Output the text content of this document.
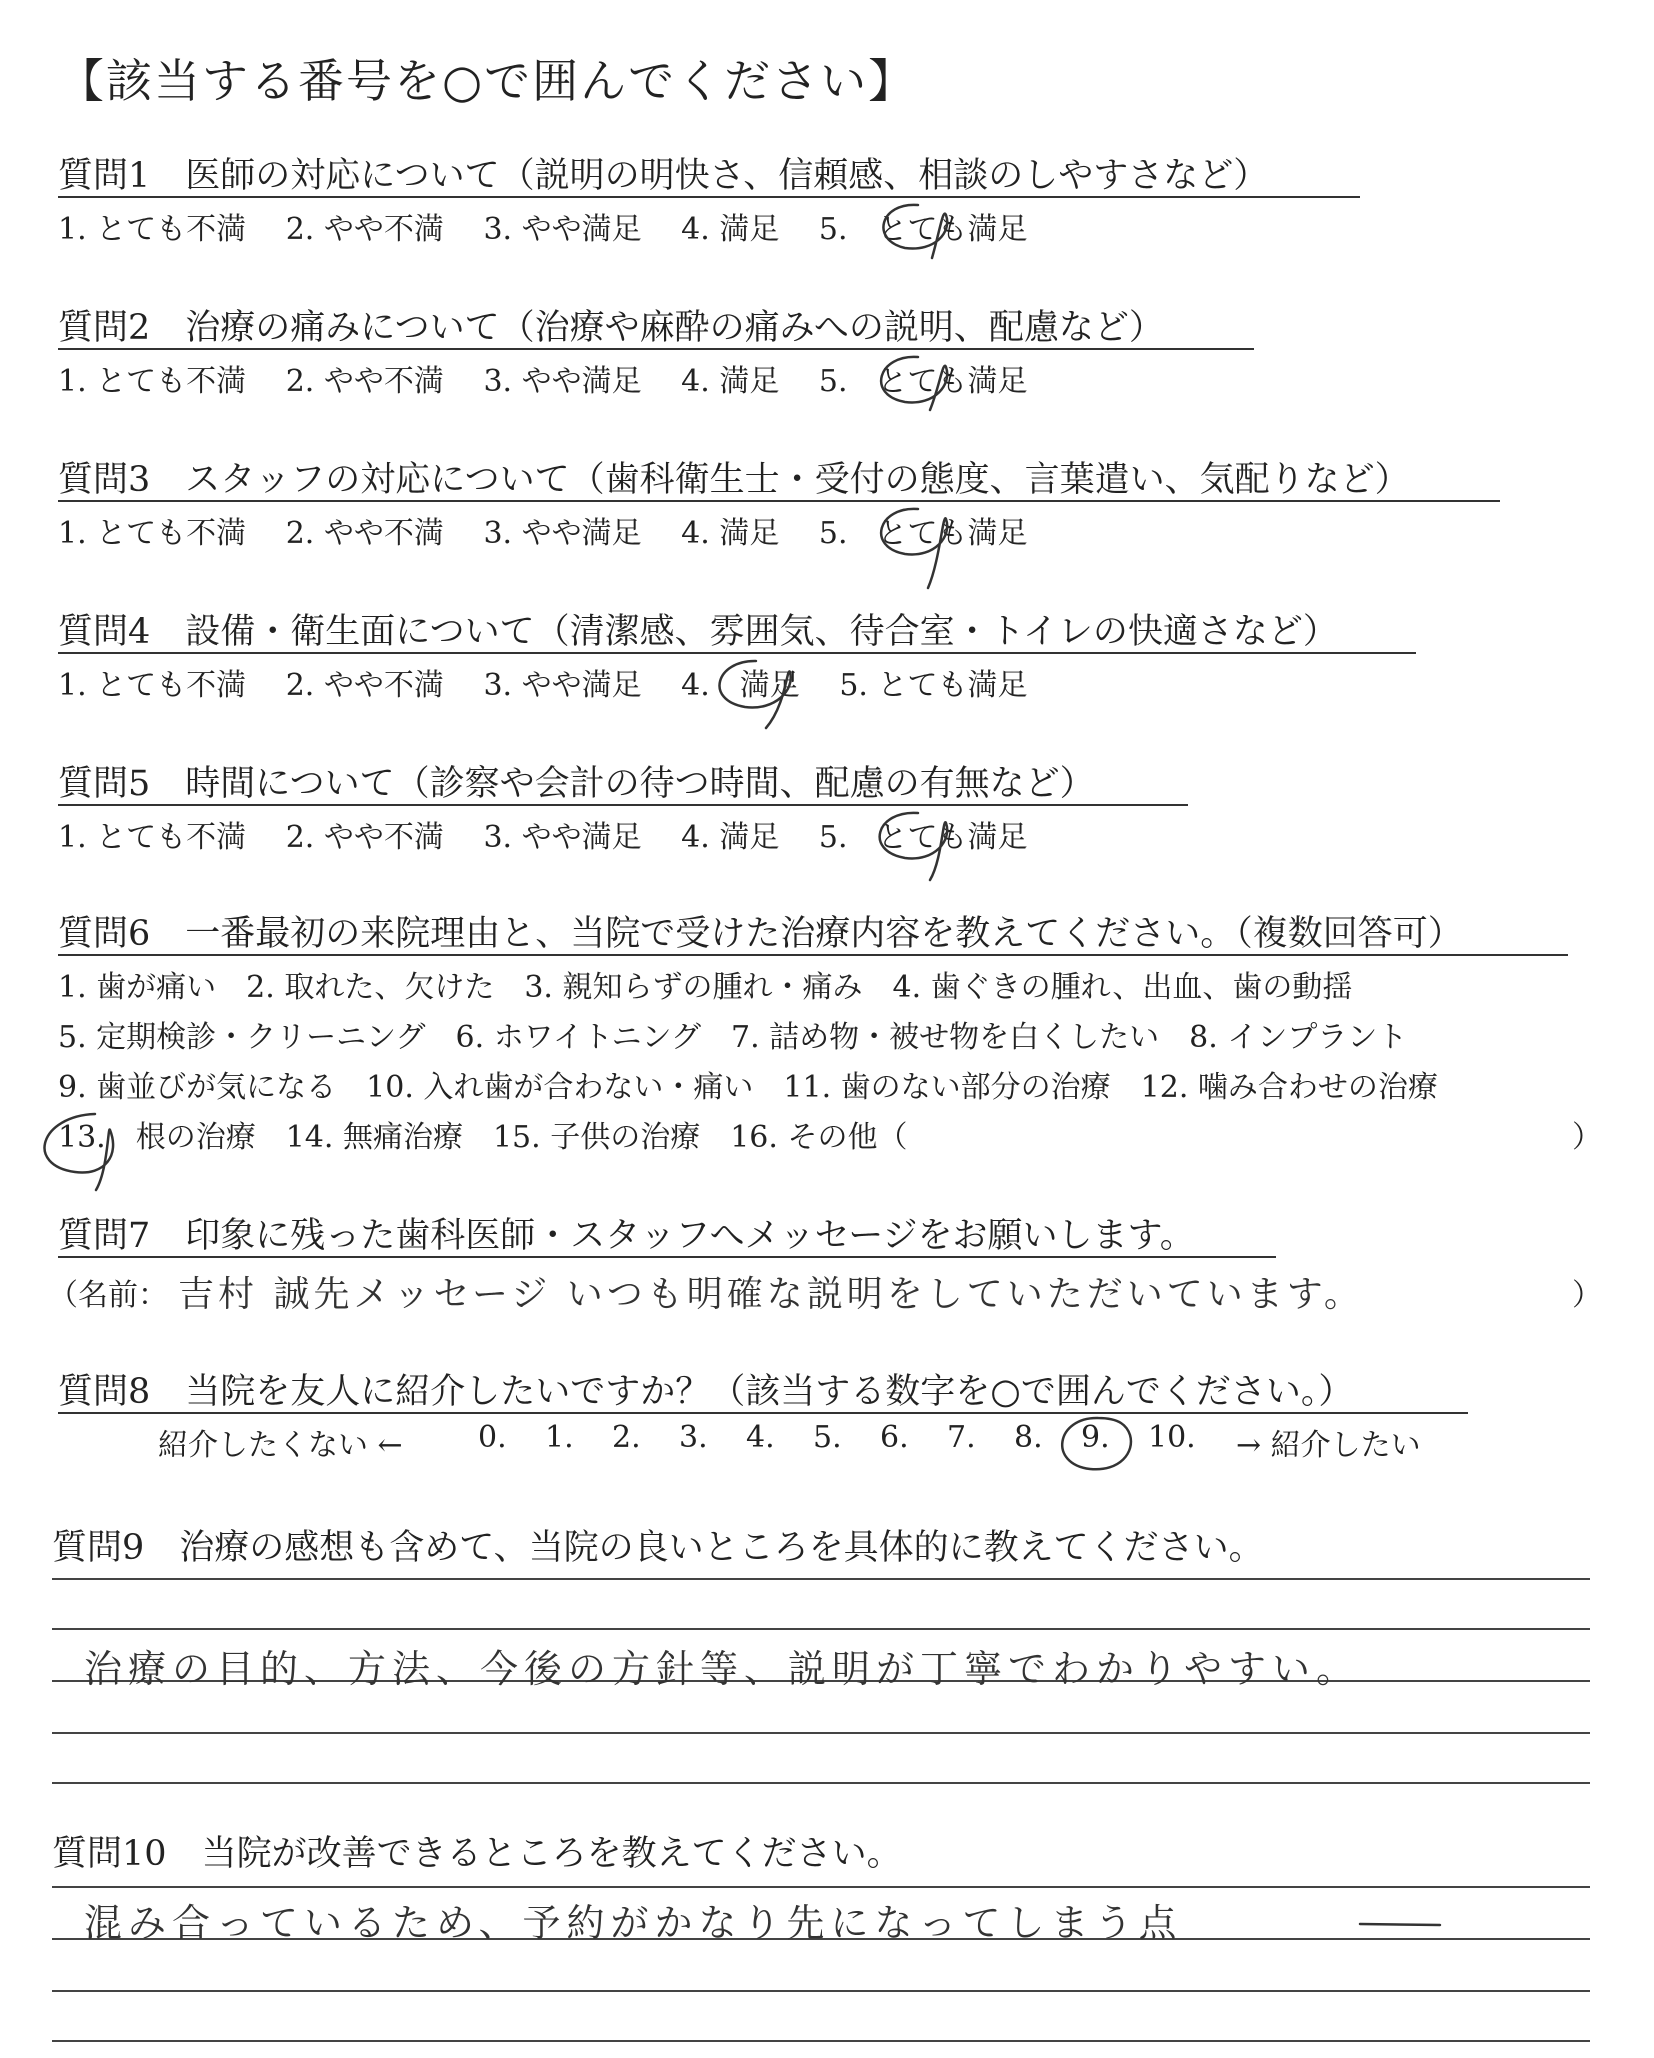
【該当する番号を○で囲んでください】
質問1　 医師の対応について（説明の明快さ、信頼感、相談のしやすさなど）
1. とても不満　 2. やや不満　 3. やや満足　 4. 満足　 5.　 とても満足
質問2　 治療の痛みについて（治療や麻酔の痛みへの説明、配慮など）
1. とても不満　 2. やや不満　 3. やや満足　 4. 満足　 5.　 とても満足
質問3　 スタッフの対応について（歯科衛生士・受付の態度、言葉遣い、気配りなど）
1. とても不満　 2. やや不満　 3. やや満足　 4. 満足　 5.　 とても満足
質問4　 設備・衛生面について（清潔感、雰囲気、待合室・トイレの快適さなど）
1. とても不満　 2. やや不満　 3. やや満足　 4.　 満足　 5. とても満足
質問5　 時間について（診察や会計の待つ時間、配慮の有無など）
1. とても不満　 2. やや不満　 3. やや満足　 4. 満足　 5.　 とても満足
質問6　 一番最初の来院理由と、当院で受けた治療内容を教えてください。（複数回答可）
1. 歯が痛い　2. 取れた、欠けた　3. 親知らずの腫れ・痛み　4. 歯ぐきの腫れ、出血、歯の動揺
5. 定期検診・クリーニング　6. ホワイトニング　7. 詰め物・被せ物を白くしたい　8. インプラント
9. 歯並びが気になる　10. 入れ歯が合わない・痛い　11. 歯のない部分の治療　12. 噛み合わせの治療
13.　 根の治療　14. 無痛治療　15. 子供の治療　16. その他（	）
質問7　 印象に残った歯科医師・スタッフへメッセージをお願いします。
（名前： 吉村 誠先メッセージ いつも明確な説明をしていただいています。	）
質問8　 当院を友人に紹介したいですか？（該当する数字を○で囲んでください。）
紹介したくない ←	0. 1. 2. 3. 4. 5. 6. 7. 8. 9. 10. → 紹介したい
質問9　 治療の感想も含めて、当院の良いところを具体的に教えてください。
治療の目的、方法、今後の方針等、説明が丁寧でわかりやすい。
質問10　 当院が改善できるところを教えてください。
混み合っているため、予約がかなり先になってしまう点
